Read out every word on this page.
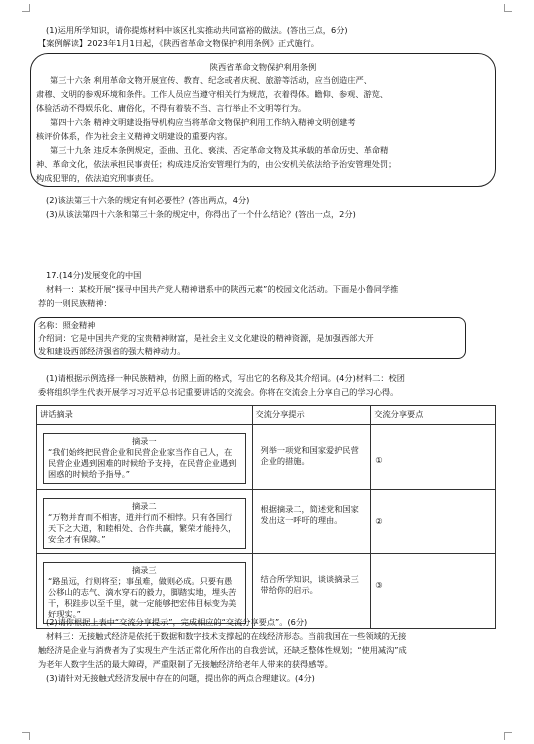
(1)运用所学知识，请你提炼材料中该区扎实推动共同富裕的做法。(答出三点，6分)
【案例解读】2023年1月1日起，《陕西省革命文物保护利用条例》正式施行。
陕西省革命文物保护利用条例
第三十六条 利用革命文物开展宣传、教育、纪念或者庆祝、旅游等活动，应当创造庄严、
肃穆、文明的参观环境和条件。工作人员应当遵守相关行为规范，衣着得体。瞻仰、参观、游览、
体验活动不得娱乐化、庸俗化，不得有着装不当、言行举止不文明等行为。
第四十六条 精神文明建设指导机构应当将革命文物保护利用工作纳入精神文明创建考
核评价体系，作为社会主义精神文明建设的重要内容。
第三十九条 违反本条例规定，歪曲、丑化、亵渎、否定革命文物及其承载的革命历史、革命精
神、革命文化，依法承担民事责任；构成违反治安管理行为的，由公安机关依法给予治安管理处罚；
构成犯罪的，依法追究刑事责任。
(2)该法第三十六条的规定有何必要性？(答出两点，4分)
(3)从该法第四十六条和第三十条的规定中，你得出了一个什么结论？(答出一点，2分)
17.(14分)发展变化的中国
材料一：某校开展“探寻中国共产党人精神谱系中的陕西元素”的校园文化活动。下面是小鲁同学推
荐的一则民族精神：
名称：照金精神
介绍词：它是中国共产党的宝贵精神财富，是社会主义文化建设的精神资源，是加强西部大开
发和建设西部经济强省的强大精神动力。
(1)请根据示例选择一种民族精神，仿照上面的格式，写出它的名称及其介绍词。(4分)材料二：校团
委将组织学生代表开展学习习近平总书记重要讲话的交流会。你将在交流会上分享自己的学习心得。
讲话摘录	交流分享提示	交流分享要点

摘录一
“我们始终把民营企业和民营企业家当作自己人，在民营企业遇到困难的时候给予支持，在民营企业遇到困惑的时候给予指导。”	列举一项党和国家爱护民营企业的措施。	①

摘录二
“万物并育而不相害，道并行而不相悖。只有各国行天下之大道，和睦相处、合作共赢，繁荣才能持久，安全才有保障。”	根据摘录二，简述党和国家发出这一呼吁的理由。	②

摘录三
“路虽远，行则将至；事虽难，做则必成。只要有愚公移山的志气、滴水穿石的毅力，脚踏实地，埋头苦干，积跬步以至千里，就一定能够把宏伟目标变为美好现实。”	结合所学知识，谈谈摘录三带给你的启示。	③
(2)请你根据上表中“交流分享提示”，完成相应的“交流分享要点”。(6分)
材料三：无接触式经济是依托于数据和数字技术支撑起的在线经济形态。当前我国在一些领域的无接
触经济是企业与消费者为了实现生产生活正常化所作出的自我尝试，还缺乏整体性规划；“使用减沟”成
为老年人数字生活的最大障碍，严重限制了无接触经济给老年人带来的获得感等。
(3)请针对无接触式经济发展中存在的问题，提出你的两点合理建议。(4分)
